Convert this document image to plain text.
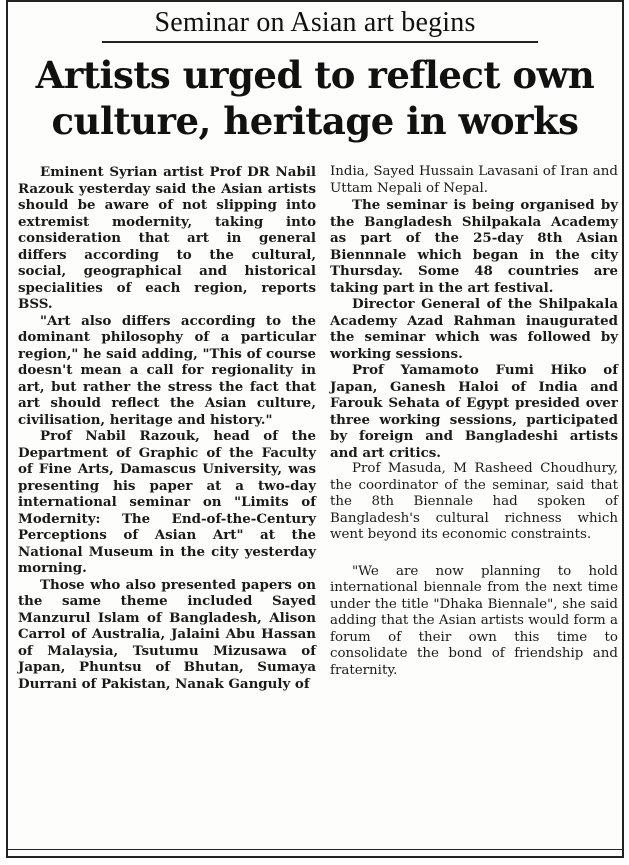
Seminar on Asian art begins
Artists urged to reflect own culture, heritage in works

Eminent Syrian artist Prof DR Nabil Razouk yesterday said the Asian artists should be aware of not slipping into extremist modernity, taking into consideration that art in general differs according to the cultural, social, geographical and historical specialities of each region, reports BSS.

"Art also differs according to the dominant philosophy of a particular region," he said adding, "This of course doesn't mean a call for regionality in art, but rather the stress the fact that art should reflect the Asian culture, civilisation, heritage and history."

Prof Nabil Razouk, head of the Department of Graphic of the Faculty of Fine Arts, Damascus University, was presenting his paper at a two-day international seminar on "Limits of Modernity: The End-of-the-Century Perceptions of Asian Art" at the National Museum in the city yesterday morning.

Those who also presented papers on the same theme included Sayed Manzurul Islam of Bangladesh, Alison Carrol of Australia, Jalaini Abu Hassan of Malaysia, Tsutumu Mizusawa of Japan, Phuntsu of Bhutan, Sumaya Durrani of Pakistan, Nanak Ganguly of

India, Sayed Hussain Lavasani of Iran and Uttam Nepali of Nepal.

The seminar is being organised by the Bangladesh Shilpakala Academy as part of the 25-day 8th Asian Biennnale which began in the city Thursday. Some 48 countries are taking part in the art festival.

Director General of the Shilpakala Academy Azad Rahman inaugurated the seminar which was followed by working sessions.

Prof Yamamoto Fumi Hiko of Japan, Ganesh Haloi of India and Farouk Sehata of Egypt presided over three working sessions, participated by foreign and Bangladeshi artists and art critics.

Prof Masuda, M Rasheed Choudhury, the coordinator of the seminar, said that the 8th Biennale had spoken of Bangladesh's cultural richness which went beyond its economic constraints.

"We are now planning to hold international biennale from the next time under the title "Dhaka Biennale", she said adding that the Asian artists would form a forum of their own this time to consolidate the bond of friendship and fraternity.
